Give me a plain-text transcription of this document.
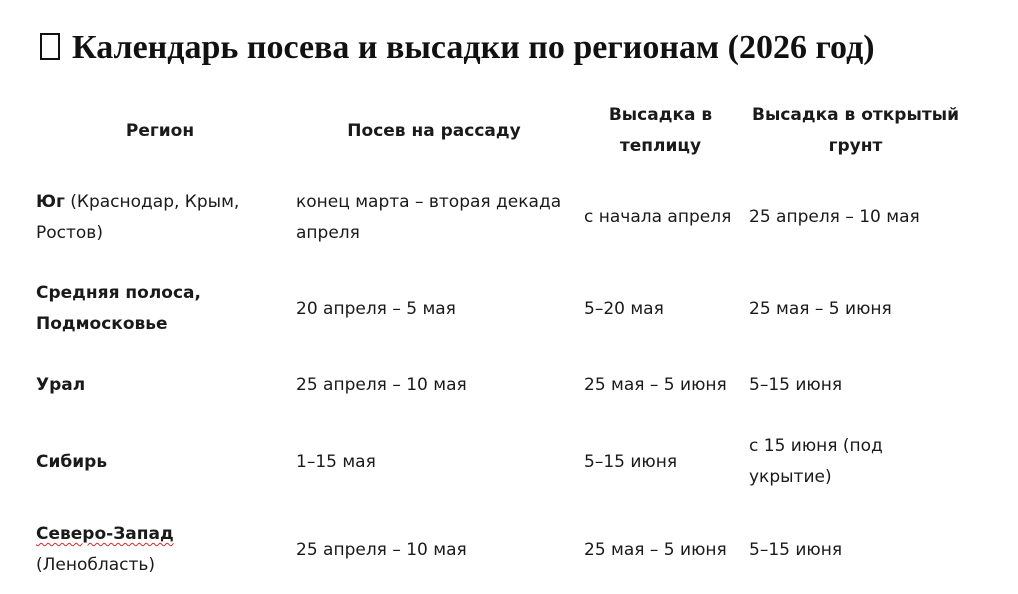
Календарь посева и высадки по регионам (2026 год)
Регион	Посев на рассаду	Высадка в теплицу	Высадка в открытый грунт
Юг (Краснодар, Крым, Ростов)	конец марта – вторая декада апреля	с начала апреля	25 апреля – 10 мая
Средняя полоса, Подмосковье	20 апреля – 5 мая	5–20 мая	25 мая – 5 июня
Урал	25 апреля – 10 мая	25 мая – 5 июня	5–15 июня
Сибирь	1–15 мая	5–15 июня	с 15 июня (под укрытие)
Северо-Запад (Ленобласть)	25 апреля – 10 мая	25 мая – 5 июня	5–15 июня
